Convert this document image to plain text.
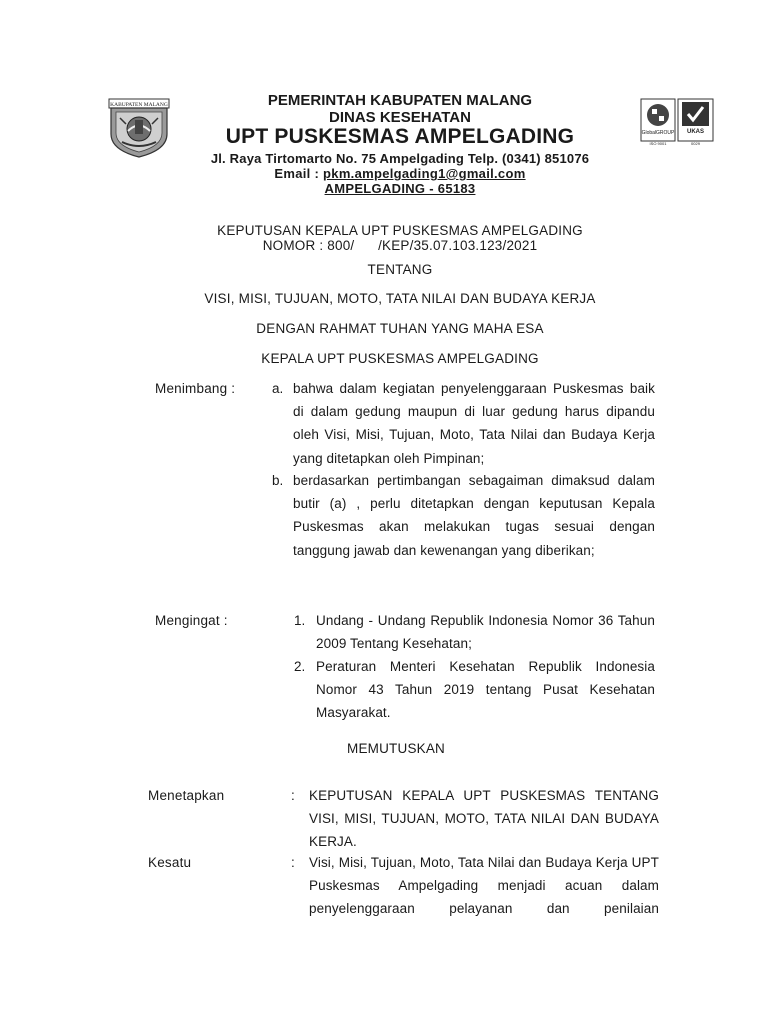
KABUPATEN MALANG
GlobalGROUP
ISO 9001
UKAS
0029
PEMERINTAH KABUPATEN MALANG
DINAS KESEHATAN
UPT PUSKESMAS AMPELGADING
Jl. Raya Tirtomarto No. 75 Ampelgading Telp. (0341) 851076
Email : pkm.ampelgading1@gmail.com
AMPELGADING - 65183
KEPUTUSAN KEPALA UPT PUSKESMAS AMPELGADING
NOMOR : 800/      /KEP/35.07.103.123/2021
TENTANG
VISI, MISI, TUJUAN, MOTO, TATA NILAI DAN BUDAYA KERJA
DENGAN RAHMAT TUHAN YANG MAHA ESA
KEPALA UPT PUSKESMAS AMPELGADING
Menimbang :	a. bahwa dalam kegiatan penyelenggaraan Puskesmas baik di dalam gedung maupun di luar gedung harus dipandu oleh Visi, Misi, Tujuan, Moto, Tata Nilai dan Budaya Kerja yang ditetapkan oleh Pimpinan;
b. berdasarkan pertimbangan sebagaiman dimaksud dalam butir (a) , perlu ditetapkan dengan keputusan Kepala Puskesmas akan melakukan tugas sesuai dengan tanggung jawab dan kewenangan yang diberikan;
Mengingat :	1. Undang - Undang Republik Indonesia Nomor 36 Tahun 2009 Tentang Kesehatan;
2. Peraturan Menteri Kesehatan Republik Indonesia Nomor 43 Tahun 2019 tentang Pusat Kesehatan Masyarakat.
MEMUTUSKAN
Menetapkan	: KEPUTUSAN KEPALA UPT PUSKESMAS TENTANG VISI, MISI, TUJUAN, MOTO, TATA NILAI DAN BUDAYA KERJA.
Kesatu	: Visi, Misi, Tujuan, Moto, Tata Nilai dan Budaya Kerja UPT Puskesmas Ampelgading menjadi acuan dalam penyelenggaraan pelayanan dan penilaian
